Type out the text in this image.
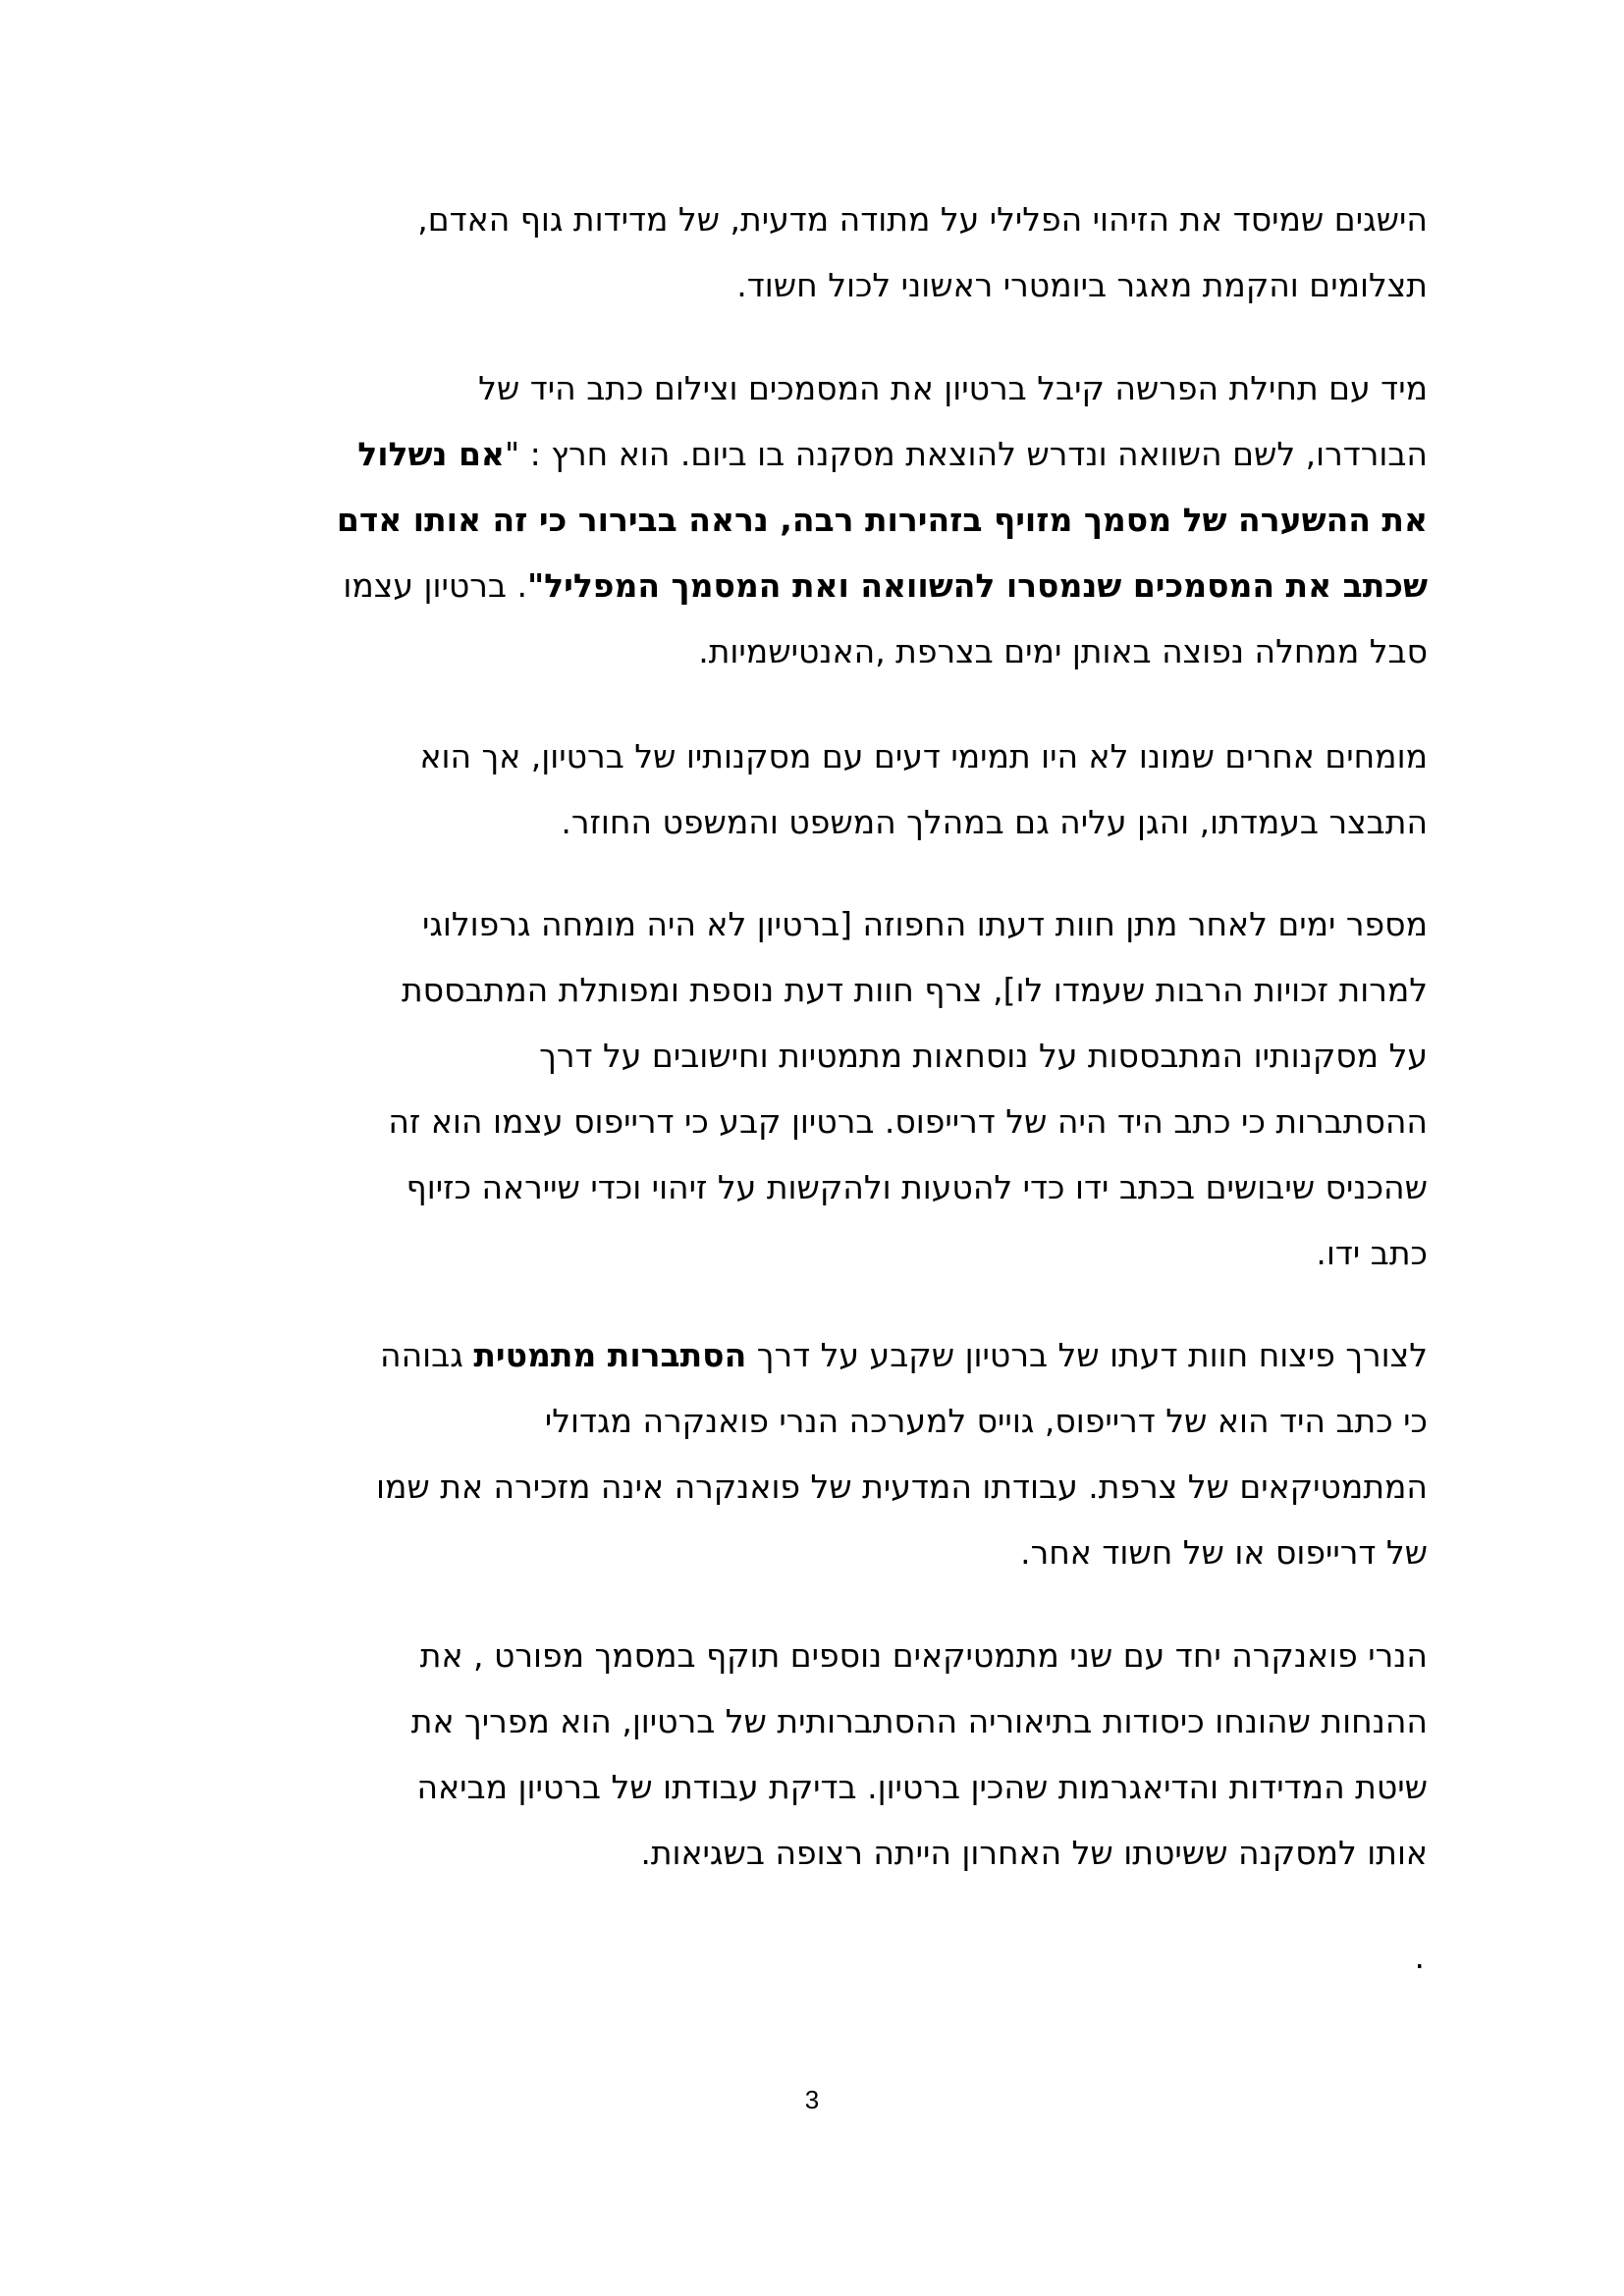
הישגים שמיסד את הזיהוי הפלילי על מתודה מדעית, של מדידות גוף האדם,
תצלומים והקמת מאגר ביומטרי ראשוני לכול חשוד.

מיד עם תחילת הפרשה קיבל ברטיון את המסמכים וצילום כתב היד של
הבורדרו, לשם השוואה ונדרש להוצאת מסקנה בו ביום. הוא חרץ : "אם נשלול
את ההשערה של מסמך מזויף בזהירות רבה, נראה בבירור כי זה אותו אדם
שכתב את המסמכים שנמסרו להשוואה ואת המסמך המפליל". ברטיון עצמו
סבל ממחלה נפוצה באותן ימים בצרפת ,האנטישמיות.

מומחים אחרים שמונו לא היו תמימי דעים עם מסקנותיו של ברטיון, אך הוא
התבצר בעמדתו, והגן עליה גם במהלך המשפט והמשפט החוזר.

מספר ימים לאחר מתן חוות דעתו החפוזה [ברטיון לא היה מומחה גרפולוגי
למרות זכויות הרבות שעמדו לו], צרף חוות דעת נוספת ומפותלת המתבססת
על מסקנותיו המתבססות על נוסחאות מתמטיות וחישובים על דרך
ההסתברות כי כתב היד היה של דרייפוס. ברטיון קבע כי דרייפוס עצמו הוא זה
שהכניס שיבושים בכתב ידו כדי להטעות ולהקשות על זיהוי וכדי שייראה כזיוף
כתב ידו.

לצורך פיצוח חוות דעתו של ברטיון שקבע על דרך הסתברות מתמטית גבוהה
כי כתב היד הוא של דרייפוס, גוייס למערכה הנרי פואנקרה מגדולי
המתמטיקאים של צרפת. עבודתו המדעית של פואנקרה אינה מזכירה את שמו
של דרייפוס או של חשוד אחר.

הנרי פואנקרה יחד עם שני מתמטיקאים נוספים תוקף במסמך מפורט , את
ההנחות שהונחו כיסודות בתיאוריה ההסתברותית של ברטיון, הוא מפריך את
שיטת המדידות והדיאגרמות שהכין ברטיון. בדיקת עבודתו של ברטיון מביאה
אותו למסקנה ששיטתו של האחרון הייתה רצופה בשגיאות.

.
3
